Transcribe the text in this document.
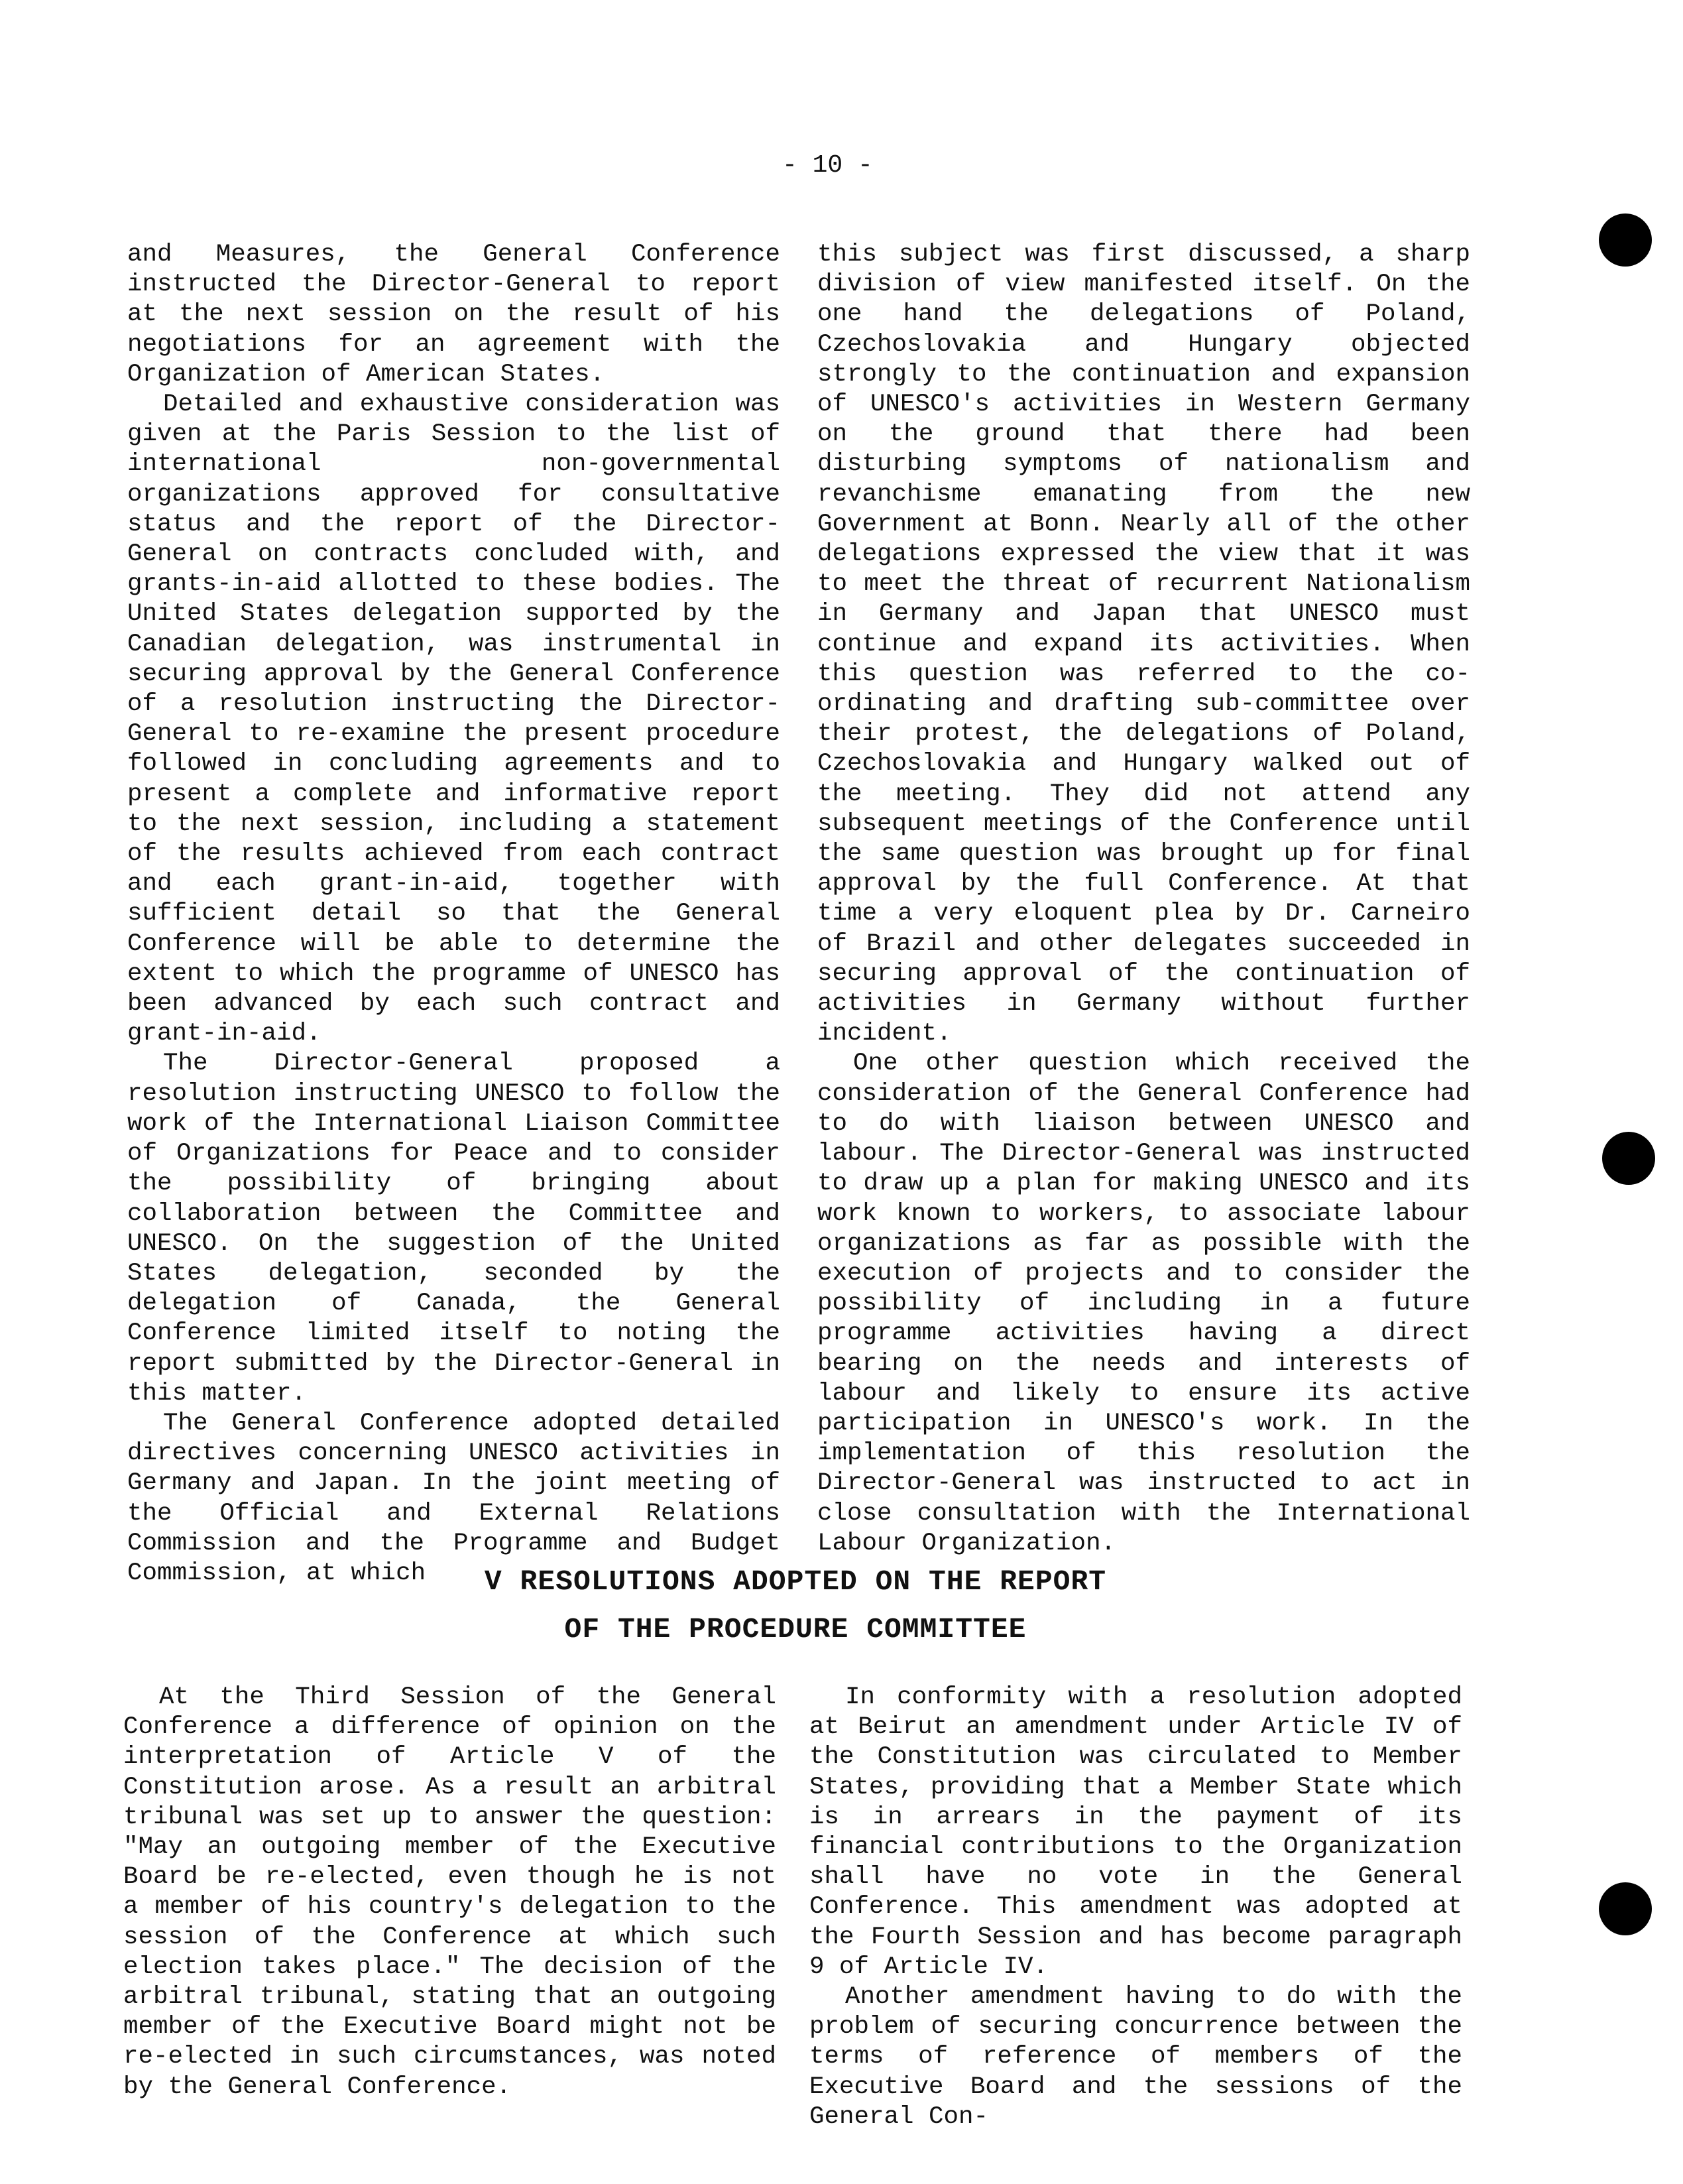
- 10 -

and Measures, the General Conference instructed the Director-General to report at the next session on the result of his negotiations for an agreement with the Organization of American States.

Detailed and exhaustive consideration was given at the Paris Session to the list of international non-governmental organizations approved for consultative status and the report of the Director-General on contracts concluded with, and grants-in-aid allotted to these bodies. The United States delegation supported by the Canadian delegation, was instrumental in securing approval by the General Conference of a resolution instructing the Director-General to re-examine the present procedure followed in concluding agreements and to present a complete and informative report to the next session, including a statement of the results achieved from each contract and each grant-in-aid, together with sufficient detail so that the General Conference will be able to determine the extent to which the programme of UNESCO has been advanced by each such contract and grant-in-aid.

The Director-General proposed a resolution instructing UNESCO to follow the work of the International Liaison Committee of Organizations for Peace and to consider the possibility of bringing about collaboration between the Committee and UNESCO. On the suggestion of the United States delegation, seconded by the delegation of Canada, the General Conference limited itself to noting the report submitted by the Director-General in this matter.

The General Conference adopted detailed directives concerning UNESCO activities in Germany and Japan. In the joint meeting of the Official and External Relations Commission and the Programme and Budget Commission, at which

this subject was first discussed, a sharp division of view manifested itself. On the one hand the delegations of Poland, Czechoslovakia and Hungary objected strongly to the continuation and expansion of UNESCO's activities in Western Germany on the ground that there had been disturbing symptoms of nationalism and revanchisme emanating from the new Government at Bonn. Nearly all of the other delegations expressed the view that it was to meet the threat of recurrent Nationalism in Germany and Japan that UNESCO must continue and expand its activities. When this question was referred to the co-ordinating and drafting sub-committee over their protest, the delegations of Poland, Czechoslovakia and Hungary walked out of the meeting. They did not attend any subsequent meetings of the Conference until the same question was brought up for final approval by the full Conference. At that time a very eloquent plea by Dr. Carneiro of Brazil and other delegates succeeded in securing approval of the continuation of activities in Germany without further incident.

One other question which received the consideration of the General Conference had to do with liaison between UNESCO and labour. The Director-General was instructed to draw up a plan for making UNESCO and its work known to workers, to associate labour organizations as far as possible with the execution of projects and to consider the possibility of including in a future programme activities having a direct bearing on the needs and interests of labour and likely to ensure its active participation in UNESCO's work. In the implementation of this resolution the Director-General was instructed to act in close consultation with the International Labour Organization.

V RESOLUTIONS ADOPTED ON THE REPORT
OF THE PROCEDURE COMMITTEE

At the Third Session of the General Conference a difference of opinion on the interpretation of Article V of the Constitution arose. As a result an arbitral tribunal was set up to answer the question: "May an outgoing member of the Executive Board be re-elected, even though he is not a member of his country's delegation to the session of the Conference at which such election takes place." The decision of the arbitral tribunal, stating that an outgoing member of the Executive Board might not be re-elected in such circumstances, was noted by the General Conference.

In conformity with a resolution adopted at Beirut an amendment under Article IV of the Constitution was circulated to Member States, providing that a Member State which is in arrears in the payment of its financial contributions to the Organization shall have no vote in the General Conference. This amendment was adopted at the Fourth Session and has become paragraph 9 of Article IV.

Another amendment having to do with the problem of securing concurrence between the terms of reference of members of the Executive Board and the sessions of the General Con-
